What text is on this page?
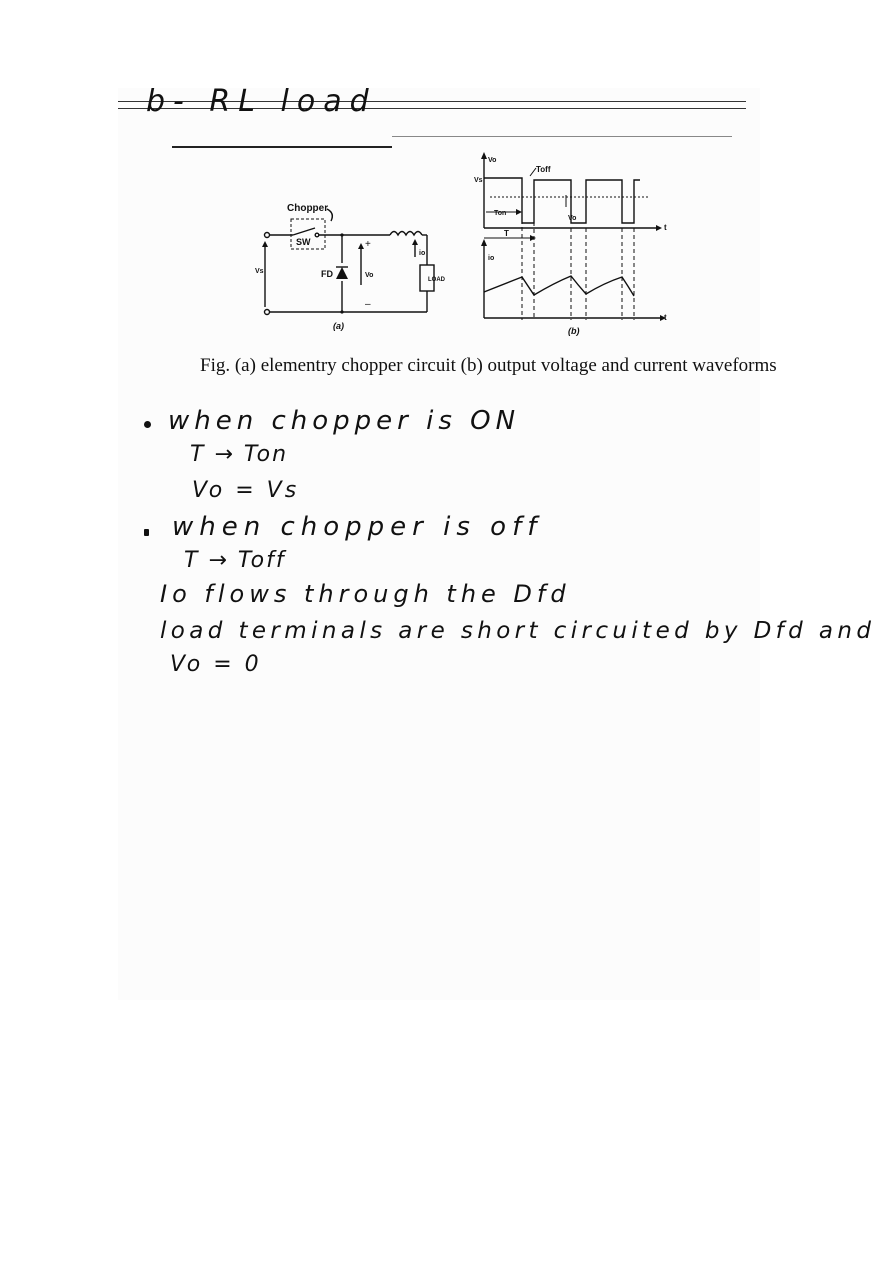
b- RL load
Chopper
SW
FD
Vs
+
Vo
–
io
LOAD
(a)
Vo
Vs
Toff
Ton
T
Vo
io
t
t
(b)
Fig. (a) elementry chopper circuit (b) output voltage and current waveforms
when chopper is ON
T → Ton
Vo = Vs
when chopper is off
T → Toff
Io flows through the Dfd
load terminals are short circuited by Dfd and
Vo = 0
